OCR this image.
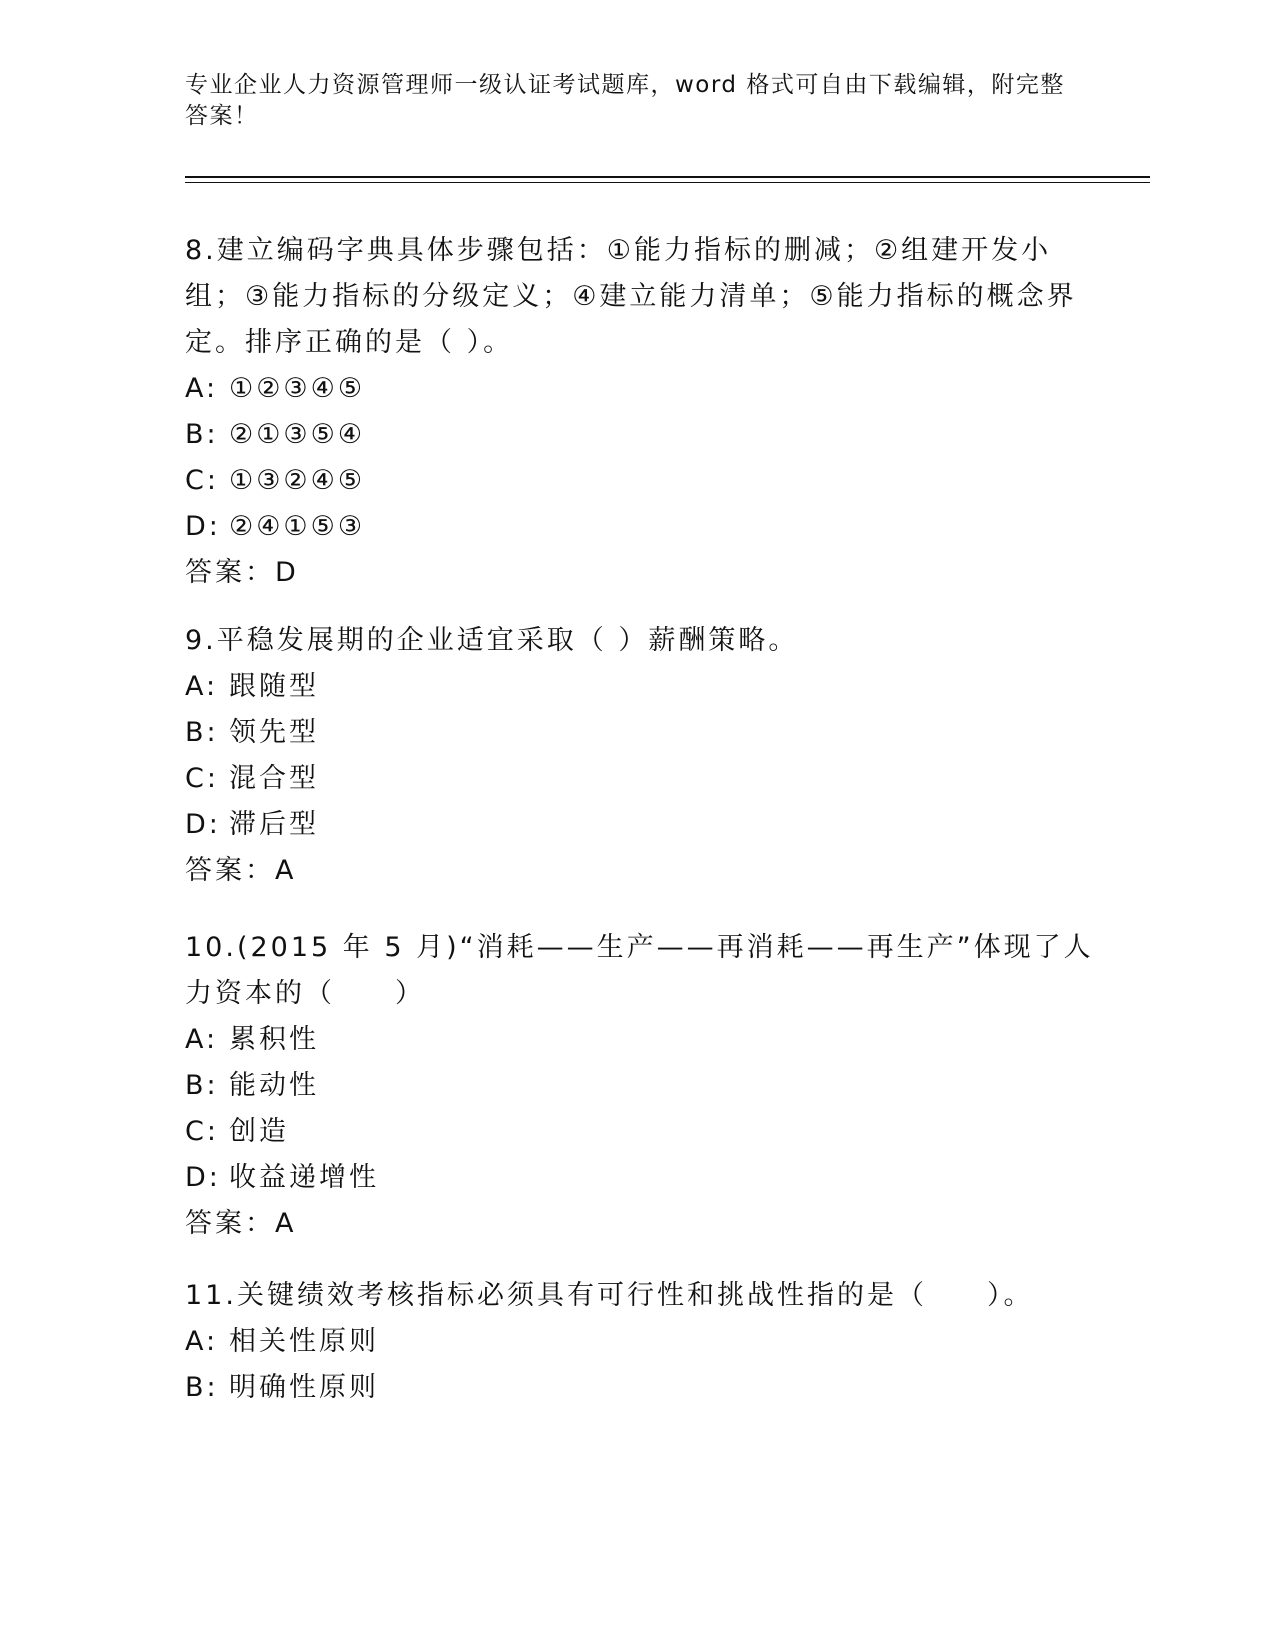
专业企业人力资源管理师一级认证考试题库，word 格式可自由下载编辑，附完整答案！
8.建立编码字典具体步骤包括：①能力指标的删减；②组建开发小组；③能力指标的分级定义；④建立能力清单；⑤能力指标的概念界定。排序正确的是（ ）。
A: ①②③④⑤
B: ②①③⑤④
C: ①③②④⑤
D: ②④①⑤③
答案：D
9.平稳发展期的企业适宜采取（ ）薪酬策略。
A: 跟随型
B: 领先型
C: 混合型
D: 滞后型
答案：A
10.(2015 年 5 月)“消耗——生产——再消耗——再生产”体现了人力资本的（　　）
A: 累积性
B: 能动性
C: 创造
D: 收益递增性
答案：A
11.关键绩效考核指标必须具有可行性和挑战性指的是（　　）。
A: 相关性原则
B: 明确性原则
